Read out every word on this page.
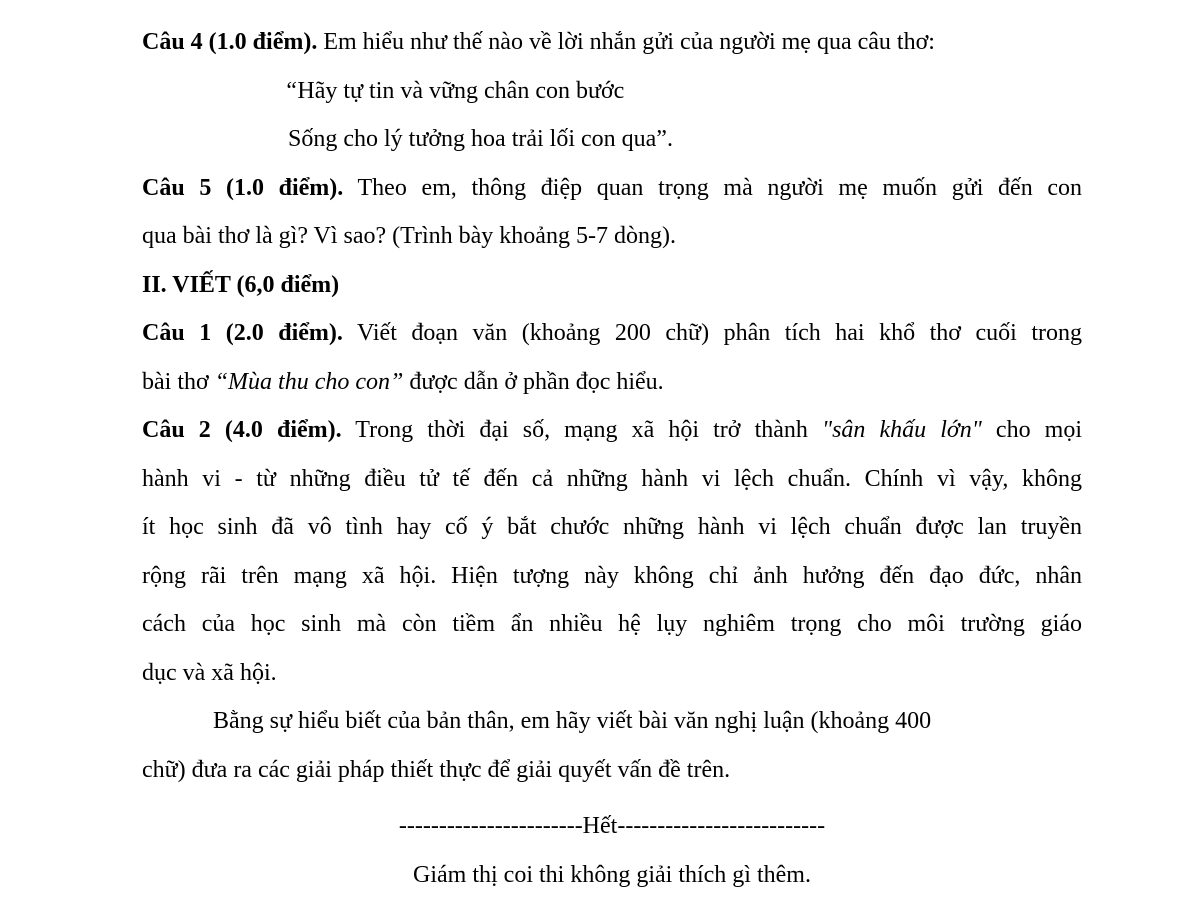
Câu 4 (1.0 điểm). Em hiểu như thế nào về lời nhắn gửi của người mẹ qua câu thơ:
“Hãy tự tin và vững chân con bước
Sống cho lý tưởng hoa trải lối con qua”.
Câu 5 (1.0 điểm). Theo em, thông điệp quan trọng mà người mẹ muốn gửi đến con
qua bài thơ là gì? Vì sao? (Trình bày khoảng 5-7 dòng).
II. VIẾT (6,0 điểm)
Câu 1 (2.0 điểm). Viết đoạn văn (khoảng 200 chữ) phân tích hai khổ thơ cuối trong
bài thơ “Mùa thu cho con” được dẫn ở phần đọc hiểu.
Câu 2 (4.0 điểm). Trong thời đại số, mạng xã hội trở thành "sân khấu lớn" cho mọi
hành vi - từ những điều tử tế đến cả những hành vi lệch chuẩn. Chính vì vậy, không
ít học sinh đã vô tình hay cố ý bắt chước những hành vi lệch chuẩn được lan truyền
rộng rãi trên mạng xã hội. Hiện tượng này không chỉ ảnh hưởng đến đạo đức, nhân
cách của học sinh mà còn tiềm ẩn nhiều hệ lụy nghiêm trọng cho môi trường giáo
dục và xã hội.
Bằng sự hiểu biết của bản thân, em hãy viết bài văn nghị luận (khoảng 400
chữ) đưa ra các giải pháp thiết thực để giải quyết vấn đề trên.
-----------------------Hết--------------------------
Giám thị coi thi không giải thích gì thêm.
